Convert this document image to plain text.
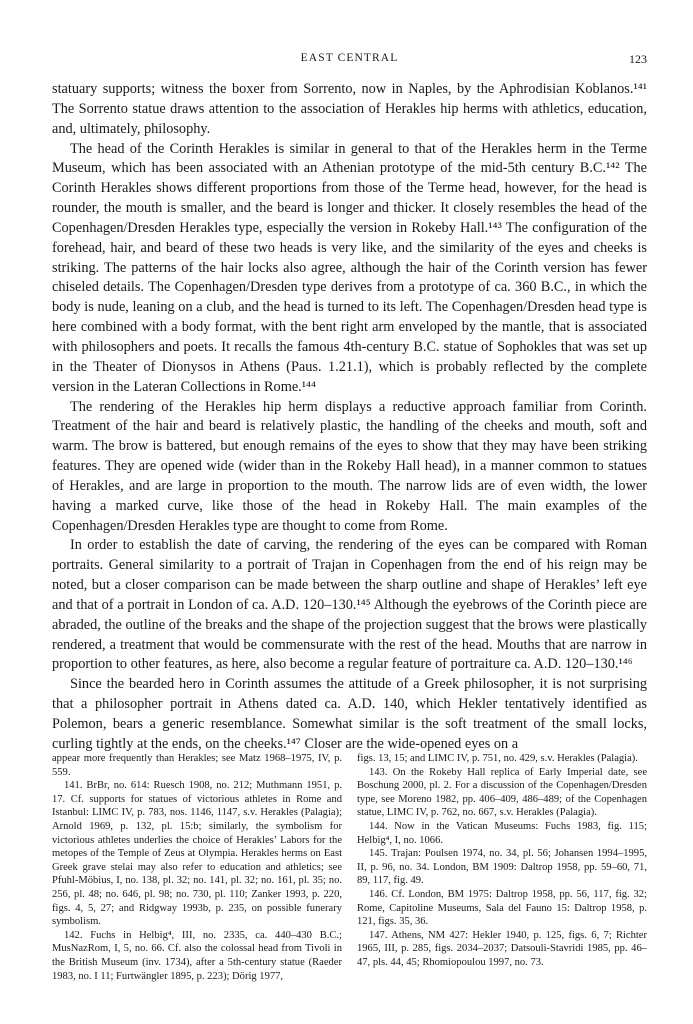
EAST CENTRAL	123

statuary supports; witness the boxer from Sorrento, now in Naples, by the Aphrodisian Koblanos.¹⁴¹ The Sorrento statue draws attention to the association of Herakles hip herms with athletics, education, and, ultimately, philosophy.

The head of the Corinth Herakles is similar in general to that of the Herakles herm in the Terme Museum, which has been associated with an Athenian prototype of the mid-5th century B.C.¹⁴² The Corinth Herakles shows different proportions from those of the Terme head, however, for the head is rounder, the mouth is smaller, and the beard is longer and thicker. It closely resembles the head of the Copenhagen/Dresden Herakles type, especially the version in Rokeby Hall.¹⁴³ The configuration of the forehead, hair, and beard of these two heads is very like, and the similarity of the eyes and cheeks is striking. The patterns of the hair locks also agree, although the hair of the Corinth version has fewer chiseled details. The Copenhagen/Dresden type derives from a prototype of ca. 360 B.C., in which the body is nude, leaning on a club, and the head is turned to its left. The Copenhagen/Dresden head type is here combined with a body format, with the bent right arm enveloped by the mantle, that is associated with philosophers and poets. It recalls the famous 4th-century B.C. statue of Sophokles that was set up in the Theater of Dionysos in Athens (Paus. 1.21.1), which is probably reflected by the complete version in the Lateran Collections in Rome.¹⁴⁴

The rendering of the Herakles hip herm displays a reductive approach familiar from Corinth. Treatment of the hair and beard is relatively plastic, the handling of the cheeks and mouth, soft and warm. The brow is battered, but enough remains of the eyes to show that they may have been striking features. They are opened wide (wider than in the Rokeby Hall head), in a manner common to statues of Herakles, and are large in proportion to the mouth. The narrow lids are of even width, the lower having a marked curve, like those of the head in Rokeby Hall. The main examples of the Copenhagen/Dresden Herakles type are thought to come from Rome.

In order to establish the date of carving, the rendering of the eyes can be compared with Roman portraits. General similarity to a portrait of Trajan in Copenhagen from the end of his reign may be noted, but a closer comparison can be made between the sharp outline and shape of Herakles’ left eye and that of a portrait in London of ca. A.D. 120–130.¹⁴⁵ Although the eyebrows of the Corinth piece are abraded, the outline of the breaks and the shape of the projection suggest that the brows were plastically rendered, a treatment that would be commensurate with the rest of the head. Mouths that are narrow in proportion to other features, as here, also become a regular feature of portraiture ca. A.D. 120–130.¹⁴⁶

Since the bearded hero in Corinth assumes the attitude of a Greek philosopher, it is not surprising that a philosopher portrait in Athens dated ca. A.D. 140, which Hekler tentatively identified as Polemon, bears a generic resemblance. Somewhat similar is the soft treatment of the small locks, curling tightly at the ends, on the cheeks.¹⁴⁷ Closer are the wide-opened eyes on a

appear more frequently than Herakles; see Matz 1968–1975, IV, p. 559.

141. BrBr, no. 614: Ruesch 1908, no. 212; Muthmann 1951, p. 17. Cf. supports for statues of victorious athletes in Rome and Istanbul: LIMC IV, p. 783, nos. 1146, 1147, s.v. Herakles (Palagia); Arnold 1969, p. 132, pl. 15:b; similarly, the symbolism for victorious athletes underlies the choice of Herakles’ Labors for the metopes of the Temple of Zeus at Olympia. Herakles herms on East Greek grave stelai may also refer to education and athletics; see Pfuhl-Möbius, I, no. 138, pl. 32; no. 141, pl. 32; no. 161, pl. 35; no. 256, pl. 48; no. 646, pl. 98; no. 730, pl. 110; Zanker 1993, p. 220, figs. 4, 5, 27; and Ridgway 1993b, p. 235, on possible funerary symbolism.

142. Fuchs in Helbig⁴, III, no. 2335, ca. 440–430 B.C.; MusNazRom, I, 5, no. 66. Cf. also the colossal head from Tivoli in the British Museum (inv. 1734), after a 5th-century statue (Raeder 1983, no. I 11; Furtwängler 1895, p. 223); Dörig 1977,

figs. 13, 15; and LIMC IV, p. 751, no. 429, s.v. Herakles (Palagia).

143. On the Rokeby Hall replica of Early Imperial date, see Boschung 2000, pl. 2. For a discussion of the Copenhagen/Dresden type, see Moreno 1982, pp. 406–409, 486–489; of the Copenhagen statue, LIMC IV, p. 762, no. 667, s.v. Herakles (Palagia).

144. Now in the Vatican Museums: Fuchs 1983, fig. 115; Helbig⁴, I, no. 1066.

145. Trajan: Poulsen 1974, no. 34, pl. 56; Johansen 1994–1995, II, p. 96, no. 34. London, BM 1909: Daltrop 1958, pp. 59–60, 71, 89, 117, fig. 49.

146. Cf. London, BM 1975: Daltrop 1958, pp. 56, 117, fig. 32; Rome, Capitoline Museums, Sala del Fauno 15: Daltrop 1958, p. 121, figs. 35, 36.

147. Athens, NM 427: Hekler 1940, p. 125, figs. 6, 7; Richter 1965, III, p. 285, figs. 2034–2037; Datsouli-Stavridi 1985, pp. 46–47, pls. 44, 45; Rhomiopoulou 1997, no. 73.
